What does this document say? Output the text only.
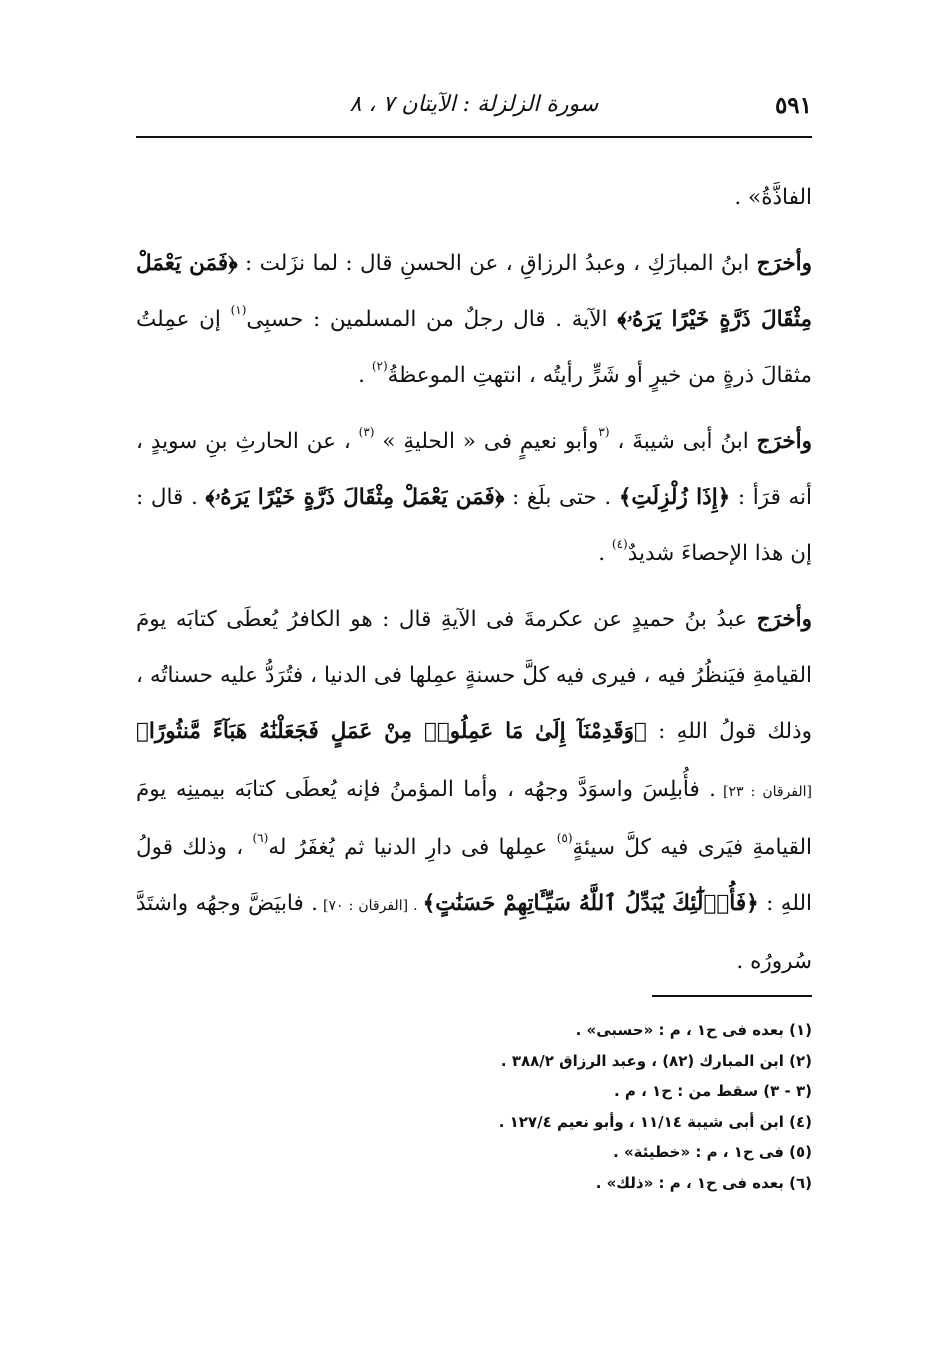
٥٩١
سورة الزلزلة : الآيتان ٧ ، ٨

الفاذَّةُ» .

وأخرَج ابنُ المبارَكِ ، وعبدُ الرزاقِ ، عن الحسنِ قال : لما نزَلت : ﴿فَمَن يَعْمَلْ مِثْقَالَ ذَرَّةٍ خَيْرًا يَرَهُۥ﴾ الآية . قال رجلٌ من المسلمين : حسبِى$^{(١)}$ إن عمِلتُ مثقالَ ذرةٍ من خيرٍ أو شَرٍّ رأيتُه ، انتهتِ الموعظةُ$^{(٢)}$ .

وأخرَج ابنُ أبى شيبةَ ، $^{(٣}$وأبو نعيمٍ فى « الحليةِ » $^{(٣)}$ ، عن الحارثِ بنِ سويدٍ ، أنه قرَأ : ﴿إِذَا زُلْزِلَتِ﴾ . حتى بلَغ : ﴿فَمَن يَعْمَلْ مِثْقَالَ ذَرَّةٍ خَيْرًا يَرَهُۥ﴾ . قال : إن هذا الإحصاءَ شديدٌ$^{(٤)}$ .

وأخرَج عبدُ بنُ حميدٍ عن عكرمةَ فى الآيةِ قال : هو الكافرُ يُعطَى كتابَه يومَ القيامةِ فيَنظُرُ فيه ، فيرى فيه كلَّ حسنةٍ عمِلها فى الدنيا ، فتُرَدُّ عليه حسناتُه ، وذلك قولُ اللهِ : ﴿وَقَدِمْنَآ إِلَىٰ مَا عَمِلُوا۟ مِنْ عَمَلٍ فَجَعَلْنَٰهُ هَبَآءً مَّنثُورًا﴾ [الفرقان : ٢٣] . فأُبلِسَ واسوَدَّ وجهُه ، وأما المؤمنُ فإنه يُعطَى كتابَه بيمينِه يومَ القيامةِ فيَرى فيه كلَّ سيئةٍ$^{(٥)}$ عمِلها فى دارِ الدنيا ثم يُغفَرُ له$^{(٦)}$ ، وذلك قولُ اللهِ : ﴿فَأُو۟لَٰٓئِكَ يُبَدِّلُ ٱللَّهُ سَيِّـَٔاتِهِمْ حَسَنَٰتٍ﴾ . [الفرقان : ٧٠] . فابيَضَّ وجهُه واشتَدَّ سُرورُه .

(١) بعده فى ح١ ، م : «حسبى» .
(٢) ابن المبارك (٨٢) ، وعبد الرزاق ٣٨٨/٢ .
(٣ - ٣) سقط من : ح١ ، م .
(٤) ابن أبى شيبة ١١/١٤ ، وأبو نعيم ١٢٧/٤ .
(٥) فى ح١ ، م : «خطيئة» .
(٦) بعده فى ح١ ، م : «ذلك» .
